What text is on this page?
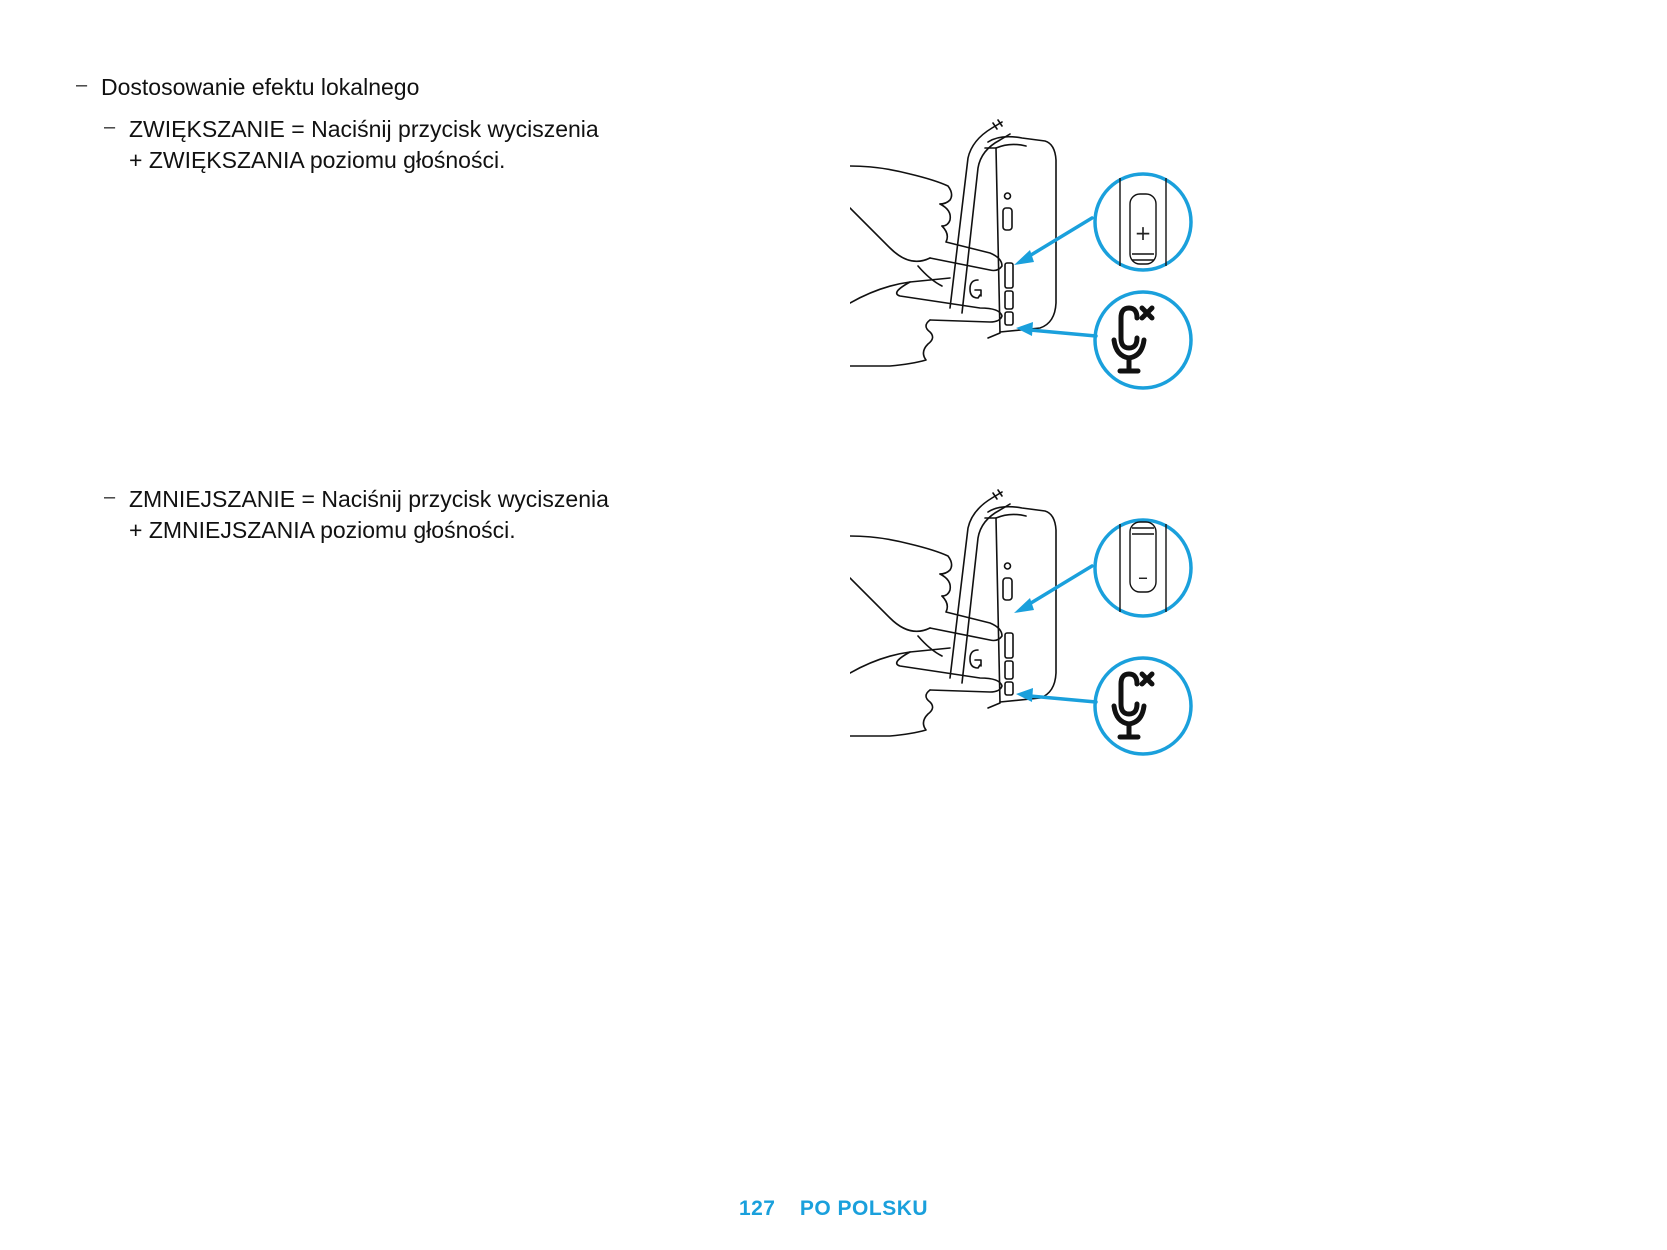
– Dostosowanie efektu lokalnego
– ZWIĘKSZANIE = Naciśnij przycisk wyciszenia
+ ZWIĘKSZANIA poziomu głośności.
– ZMNIEJSZANIE = Naciśnij przycisk wyciszenia
+ ZMNIEJSZANIA poziomu głośności.
+
–
127 PO POLSKU
